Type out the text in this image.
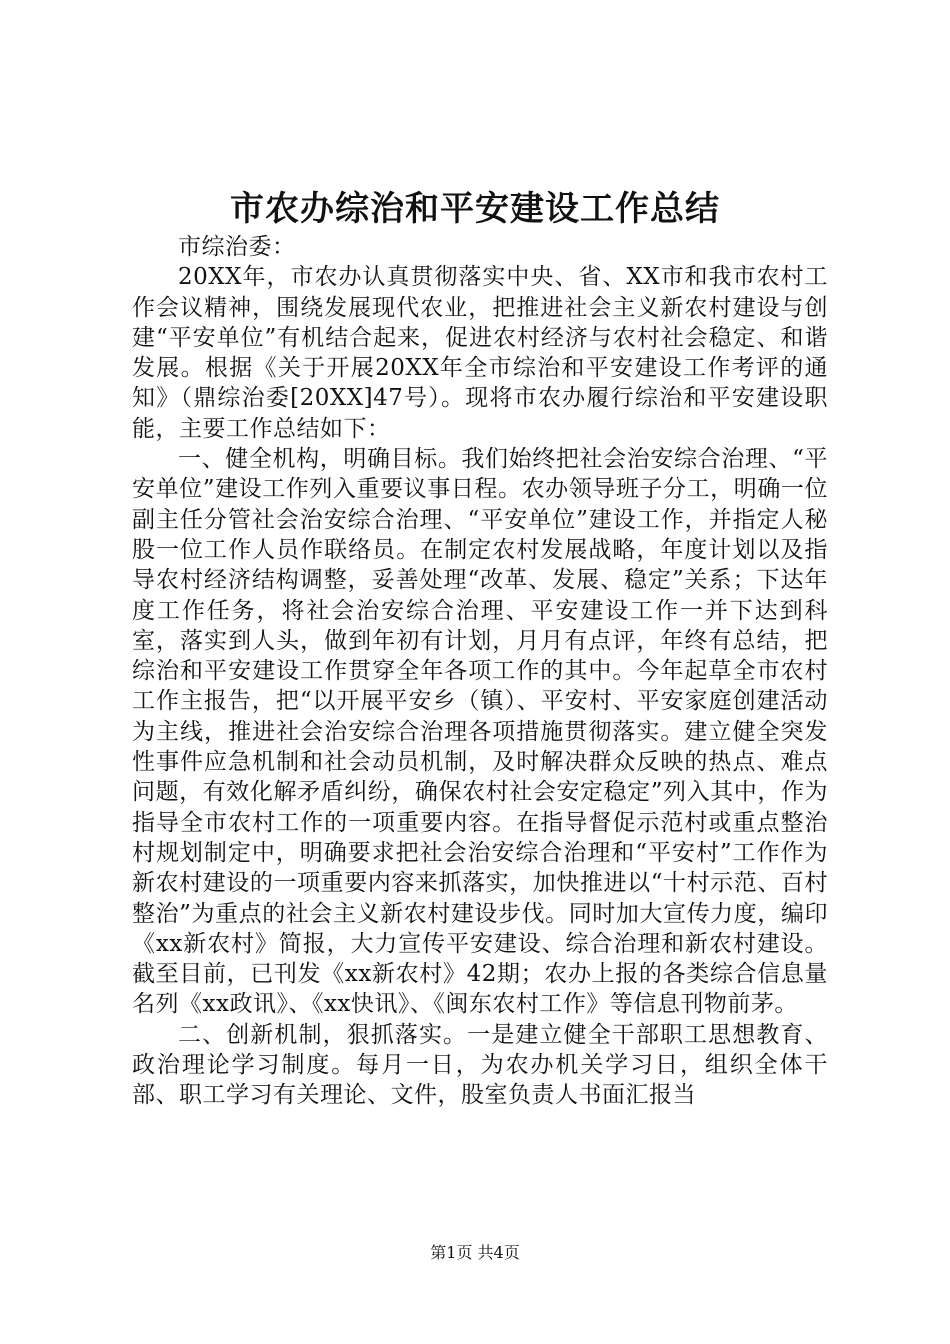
市农办综治和平安建设工作总结

市综治委：

20XX年，市农办认真贯彻落实中央、省、XX市和我市农村工作会议精神，围绕发展现代农业，把推进社会主义新农村建设与创建“平安单位”有机结合起来，促进农村经济与农村社会稳定、和谐发展。根据《关于开展20XX年全市综治和平安建设工作考评的通知》（鼎综治委[20XX]47号）。现将市农办履行综治和平安建设职能，主要工作总结如下：

一、健全机构，明确目标。我们始终把社会治安综合治理、“平安单位”建设工作列入重要议事日程。农办领导班子分工，明确一位副主任分管社会治安综合治理、“平安单位”建设工作，并指定人秘股一位工作人员作联络员。在制定农村发展战略，年度计划以及指导农村经济结构调整，妥善处理“改革、发展、稳定”关系；下达年度工作任务，将社会治安综合治理、平安建设工作一并下达到科室，落实到人头，做到年初有计划，月月有点评，年终有总结，把综治和平安建设工作贯穿全年各项工作的其中。今年起草全市农村工作主报告，把“以开展平安乡（镇）、平安村、平安家庭创建活动为主线，推进社会治安综合治理各项措施贯彻落实。建立健全突发性事件应急机制和社会动员机制，及时解决群众反映的热点、难点问题，有效化解矛盾纠纷，确保农村社会安定稳定”列入其中，作为指导全市农村工作的一项重要内容。在指导督促示范村或重点整治村规划制定中，明确要求把社会治安综合治理和“平安村”工作作为新农村建设的一项重要内容来抓落实，加快推进以“十村示范、百村整治”为重点的社会主义新农村建设步伐。同时加大宣传力度，编印《xx新农村》简报，大力宣传平安建设、综合治理和新农村建设。截至目前，已刊发《xx新农村》42期；农办上报的各类综合信息量名列《xx政讯》、《xx快讯》、《闽东农村工作》等信息刊物前茅。

二、创新机制，狠抓落实。一是建立健全干部职工思想教育、政治理论学习制度。每月一日，为农办机关学习日，组织全体干部、职工学习有关理论、文件，股室负责人书面汇报当

第1页 共4页
